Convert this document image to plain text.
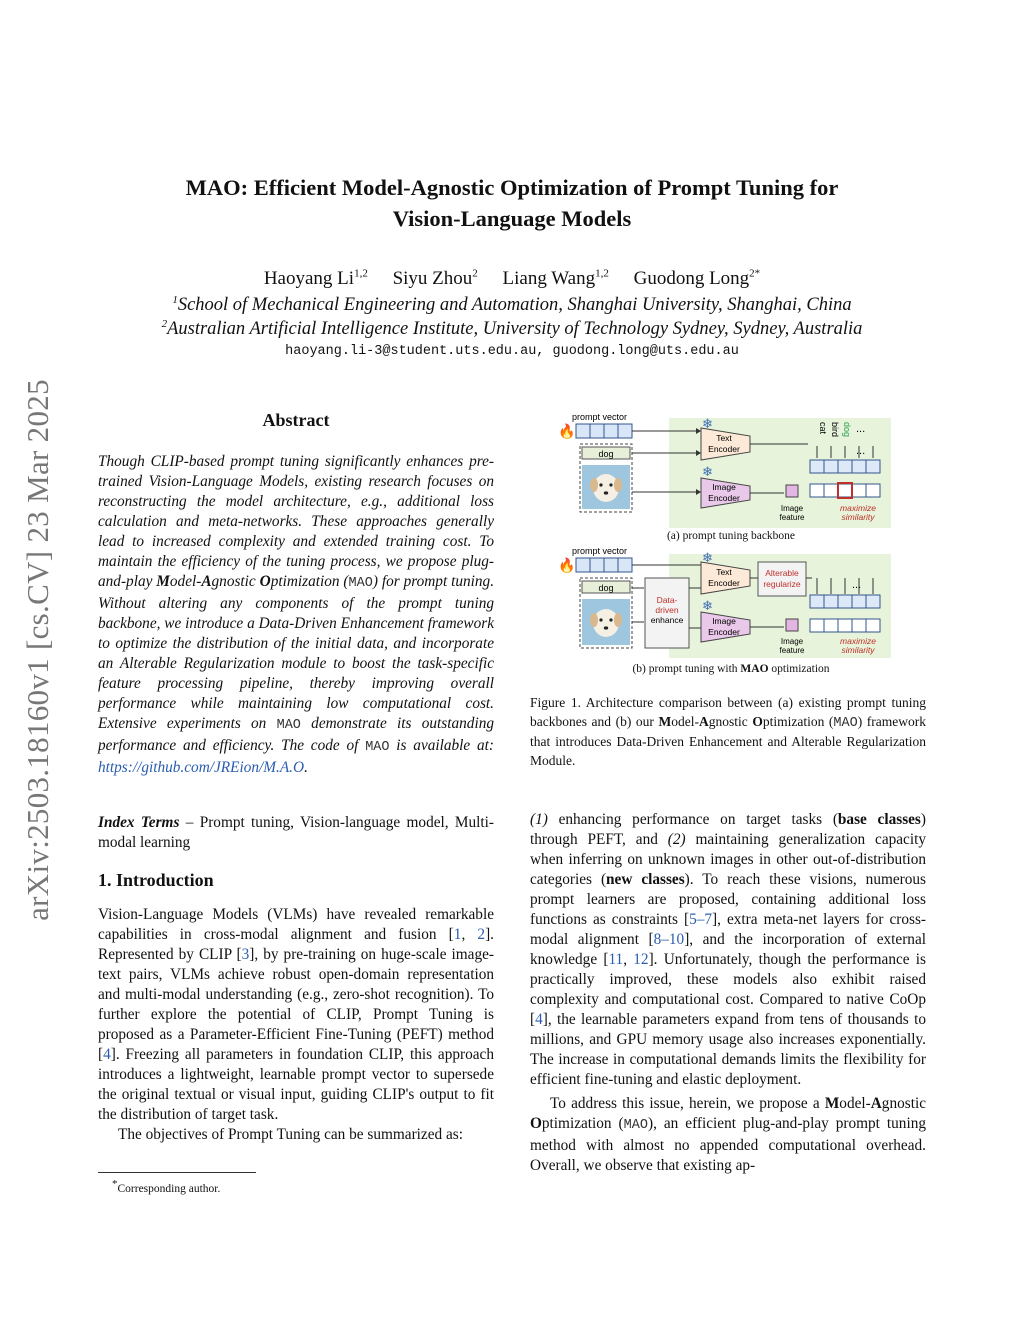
arXiv:2503.18160v1 [cs.CV] 23 Mar 2025
MAO: Efficient Model-Agnostic Optimization of Prompt Tuning for
Vision-Language Models
Haoyang Li$^{1,2}$ Siyu Zhou$^2$ Liang Wang$^{1,2}$ Guodong Long$^{2*}$
$^1$School of Mechanical Engineering and Automation, Shanghai University, Shanghai, China
$^2$Australian Artificial Intelligence Institute, University of Technology Sydney, Sydney, Australia
haoyang.li-3@student.uts.edu.au, guodong.long@uts.edu.au
Abstract
Though CLIP-based prompt tuning significantly enhances pre-trained Vision-Language Models, existing research focuses on reconstructing the model architecture, e.g., additional loss calculation and meta-networks. These approaches generally lead to increased complexity and extended training cost. To maintain the efficiency of the tuning process, we propose plug-and-play Model-Agnostic Optimization (MAO) for prompt tuning. Without altering any components of the prompt tuning backbone, we introduce a Data-Driven Enhancement framework to optimize the distribution of the initial data, and incorporate an Alterable Regularization module to boost the task-specific feature processing pipeline, thereby improving overall performance while maintaining low computational cost. Extensive experiments on MAO demonstrate its outstanding performance and efficiency. The code of MAO is available at: https://github.com/JREion/M.A.O.
Index Terms – Prompt tuning, Vision-language model, Multi-modal learning
1. Introduction
Vision-Language Models (VLMs) have revealed remarkable capabilities in cross-modal alignment and fusion [1, 2]. Represented by CLIP [3], by pre-training on huge-scale image-text pairs, VLMs achieve robust open-domain representation and multi-modal understanding (e.g., zero-shot recognition). To further explore the potential of CLIP, Prompt Tuning is proposed as a Parameter-Efficient Fine-Tuning (PEFT) method [4]. Freezing all parameters in foundation CLIP, this approach introduces a lightweight, learnable prompt vector to supersede the original textual or visual input, guiding CLIP's output to fit the distribution of target task.
The objectives of Prompt Tuning can be summarized as:
*Corresponding author.
prompt vector
🔥
dog
Text
Encoder
❄
Image
Encoder
❄
Image
feature
cat bird dog ...
...
maximize
similarity
prompt vector
🔥
dog
Data-
driven
enhance
Text
Encoder
❄
Image
Encoder
❄
Alterable
regularize
Image
feature
...
maximize
similarity
(a) prompt tuning backbone
(b) prompt tuning with MAO optimization
Figure 1. Architecture comparison between (a) existing prompt tuning backbones and (b) our Model-Agnostic Optimization (MAO) framework that introduces Data-Driven Enhancement and Alterable Regularization Module.
(1) enhancing performance on target tasks (base classes) through PEFT, and (2) maintaining generalization capacity when inferring on unknown images in other out-of-distribution categories (new classes). To reach these visions, numerous prompt learners are proposed, containing additional loss functions as constraints [5–7], extra meta-net layers for cross-modal alignment [8–10], and the incorporation of external knowledge [11, 12]. Unfortunately, though the performance is practically improved, these models also exhibit raised complexity and computational cost. Compared to native CoOp [4], the learnable parameters expand from tens of thousands to millions, and GPU memory usage also increases exponentially. The increase in computational demands limits the flexibility for efficient fine-tuning and elastic deployment.
To address this issue, herein, we propose a Model-Agnostic Optimization (MAO), an efficient plug-and-play prompt tuning method with almost no appended computational overhead. Overall, we observe that existing ap-
